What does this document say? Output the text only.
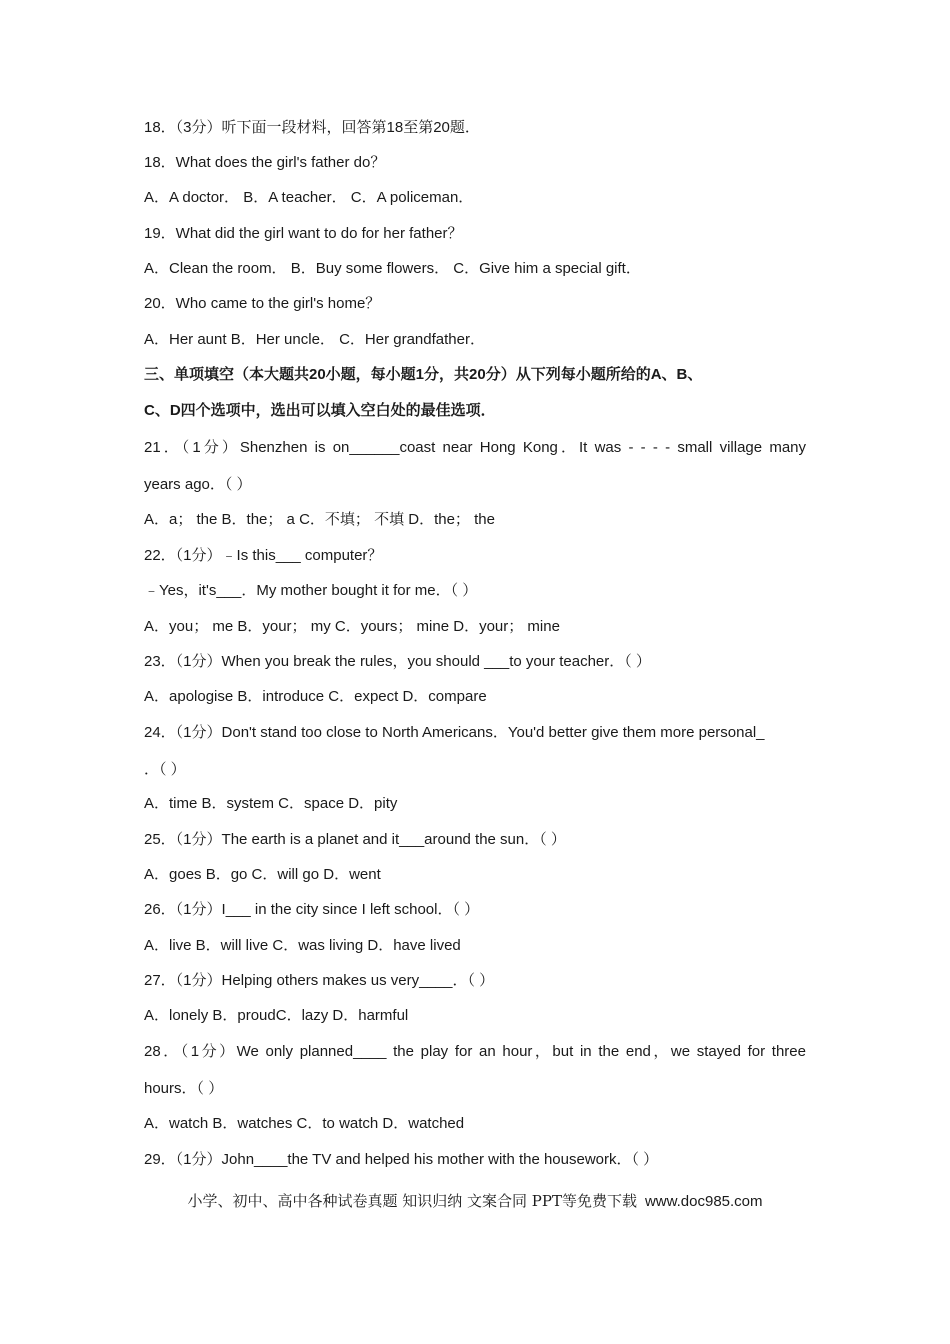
18．（3分）听下面一段材料，回答第18至第20题．
18．What does the girl's father do？
A．A doctor． B．A teacher． C．A policeman．
19．What did the girl want to do for her father？
A．Clean the room． B．Buy some flowers． C．Give him a special gift．
20．Who came to the girl's home？
A．Her aunt B．Her uncle． C．Her grandfather．
三、单项填空（本大题共20小题，每小题1分，共20分）从下列每小题所给的A、B、
C、D四个选项中，选出可以填入空白处的最佳选项．
21．（1分）Shenzhen is on______coast near Hong Kong．It was - - - - small village many
years ago．（ ）
A．a； the B．the； a C．不填； 不填 D．the； the
22．（1分）﹣Is this___ computer？
﹣Yes，it's___．My mother bought it for me．（ ）
A．you； me B．your； my C．yours； mine D．your； mine
23．（1分）When you break the rules，you should ___to your teacher．（ ）
A．apologise B．introduce C．expect D．compare
24．（1分）Don't stand too close to North Americans．You'd better give them more personal_
．（ ）
A．time B．system C．space D．pity
25．（1分）The earth is a planet and it___around the sun．（ ）
A．goes B．go C．will go D．went
26．（1分）I___ in the city since I left school．（ ）
A．live B．will live C．was living D．have lived
27．（1分）Helping others makes us very____．（ ）
A．lonely B．proudC．lazy D．harmful
28．（1分）We only planned____ the play for an hour，but in the end，we stayed for three
hours．（ ）
A．watch B．watches C．to watch D．watched
29．（1分）John____the TV and helped his mother with the housework．（ ）
小学、初中、高中各种试卷真题 知识归纳 文案合同 PPT等免费下载 www.doc985.com
